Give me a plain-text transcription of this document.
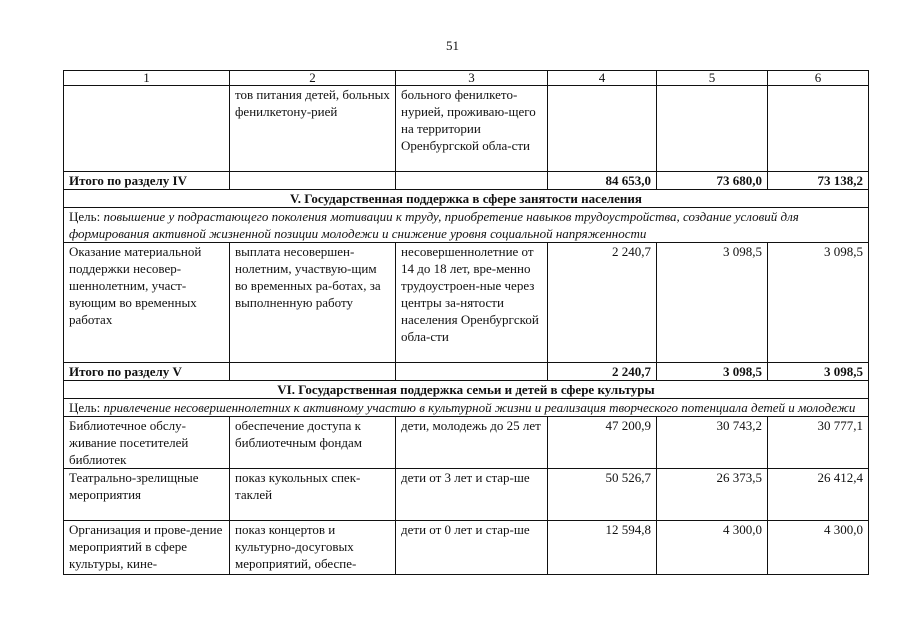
51
1	2	3	4	5	6
	тов питания детей, больных фенилкетону-рией	больного фенилкето-нурией, проживаю-щего на территории Оренбургской обла-сти			
Итого по разделу IV			84 653,0	73 680,0	73 138,2
V. Государственная поддержка в сфере занятости населения					
Цель: повышение у подрастающего поколения мотивации к труду, приобретение навыков трудоустройства, создание условий для формирования активной жизненной позиции молодежи и снижение уровня социальной напряженности					
Оказание материальной поддержки несовер-шеннолетним, участ-вующим во временных работах	выплата несовершен-нолетним, участвую-щим во временных ра-ботах, за выполненную работу	несовершеннолетние от 14 до 18 лет, вре-менно трудоустроен-ные через центры за-нятости населения Оренбургской обла-сти	2 240,7	3 098,5	3 098,5
Итого по разделу V			2 240,7	3 098,5	3 098,5
VI. Государственная поддержка семьи и детей в сфере культуры					
Цель: привлечение несовершеннолетних к активному участию в культурной жизни и реализация творческого потенциала детей и молодежи					
Библиотечное обслу-живание посетителей библиотек	обеспечение доступа к библиотечным фондам	дети, молодежь до 25 лет	47 200,9	30 743,2	30 777,1
Театрально-зрелищные мероприятия	показ кукольных спек-таклей	дети от 3 лет и стар-ше	50 526,7	26 373,5	26 412,4
Организация и прове-дение мероприятий в сфере культуры, кине-	показ концертов и культурно-досуговых мероприятий, обеспе-	дети от 0 лет и стар-ше	12 594,8	4 300,0	4 300,0
